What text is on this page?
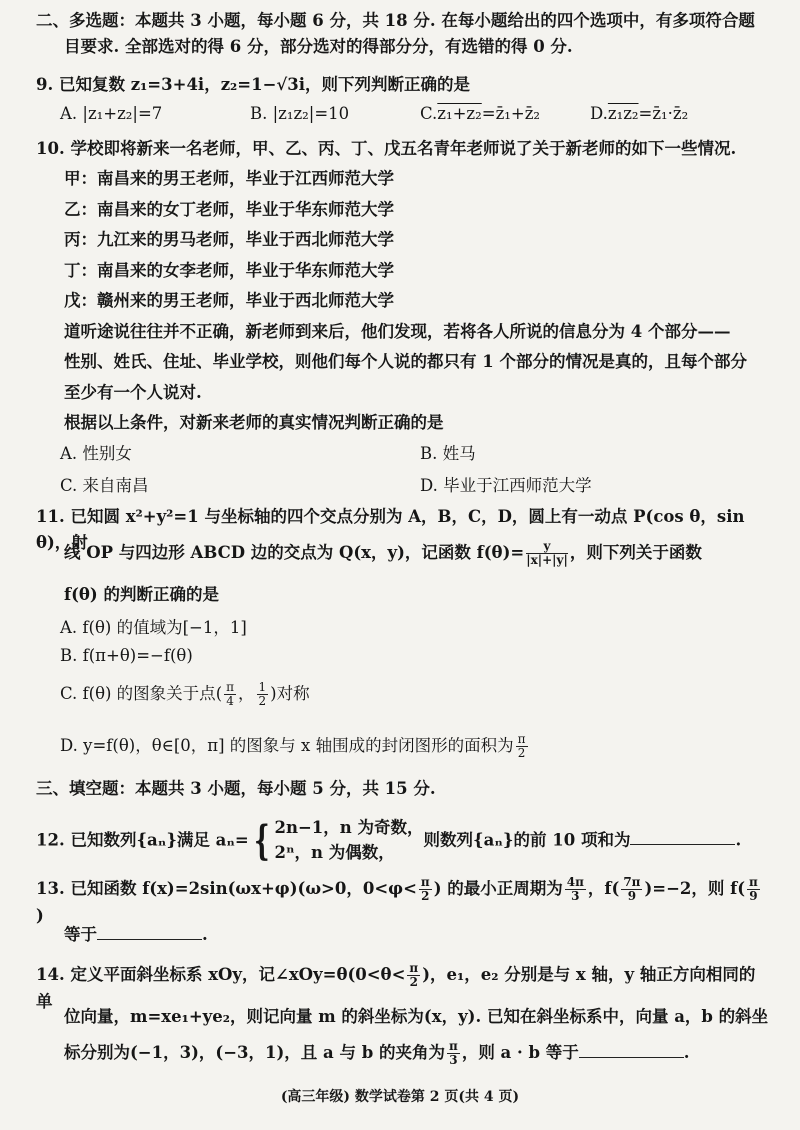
二、多选题：本题共 3 小题，每小题 6 分，共 18 分. 在每小题给出的四个选项中，有多项符合题
目要求. 全部选对的得 6 分，部分选对的得部分分，有选错的得 0 分.
9. 已知复数 z₁=3+4i，z₂=1−√3i，则下列判断正确的是
A. |z₁+z₂|=7	B. |z₁z₂|=10	C.z₁+z₂=z̄₁+z̄₂	D.z₁z₂=z̄₁·z̄₂
10. 学校即将新来一名老师，甲、乙、丙、丁、戊五名青年老师说了关于新老师的如下一些情况.
甲：南昌来的男王老师，毕业于江西师范大学
乙：南昌来的女丁老师，毕业于华东师范大学
丙：九江来的男马老师，毕业于西北师范大学
丁：南昌来的女李老师，毕业于华东师范大学
戊：赣州来的男王老师，毕业于西北师范大学
道听途说往往并不正确，新老师到来后，他们发现，若将各人所说的信息分为 4 个部分——
性别、姓氏、住址、毕业学校，则他们每个人说的都只有 1 个部分的情况是真的，且每个部分
至少有一个人说对.
根据以上条件，对新来老师的真实情况判断正确的是
A. 性别女	B. 姓马
C. 来自南昌	D. 毕业于江西师范大学
11. 已知圆 x²+y²=1 与坐标轴的四个交点分别为 A，B，C，D，圆上有一动点 P(cos θ，sin θ)，射
线 OP 与四边形 ABCD 边的交点为 Q(x，y)，记函数 $f(\theta)= \frac{y}{|x|+|y|}$ ，则下列关于函数
f(θ) 的判断正确的是
A. f(θ) 的值域为[−1，1]
B. f(π+θ)=−f(θ)
C. f(θ) 的图象关于点( $\frac{\pi}{4}$ ， $\frac{1}{2}$ )对称
D. y=f(θ)，θ∈[0，π] 的图象与 x 轴围成的封闭图形的面积为 $\frac{\pi}{2}$
三、填空题：本题共 3 小题，每小题 5 分，共 15 分.
12. 已知数列{aₙ}满足 aₙ= { 2n−1，n 为奇数，
2ⁿ，n 为偶数，
则数列{aₙ}的前 10 项和为	.
13. 已知函数 f(x)=2sin(ωx+φ)(ω>0，$0<\varphi< \frac{\pi}{2}$ ) 的最小正周期为 $\frac{4\pi}{3}$ ，$f( \frac{7\pi}{9} )=-2$，则 $f( \frac{\pi}{9}$
)
等于	.
14. 定义平面斜坐标系 xOy，记∠xOy=θ(0<θ< $\frac{\pi}{2}$ )，e₁，e₂ 分别是与 x 轴，y 轴正方向相同的单
位向量，m=xe₁+ye₂，则记向量 m 的斜坐标为(x，y). 已知在斜坐标系中，向量 a，b 的斜坐
标分别为(−1，3)，(−3，1)，且 a 与 b 的夹角为 $\frac{\pi}{3}$ ，则 a · b 等于	.
(高三年级) 数学试卷第 2 页(共 4 页)
